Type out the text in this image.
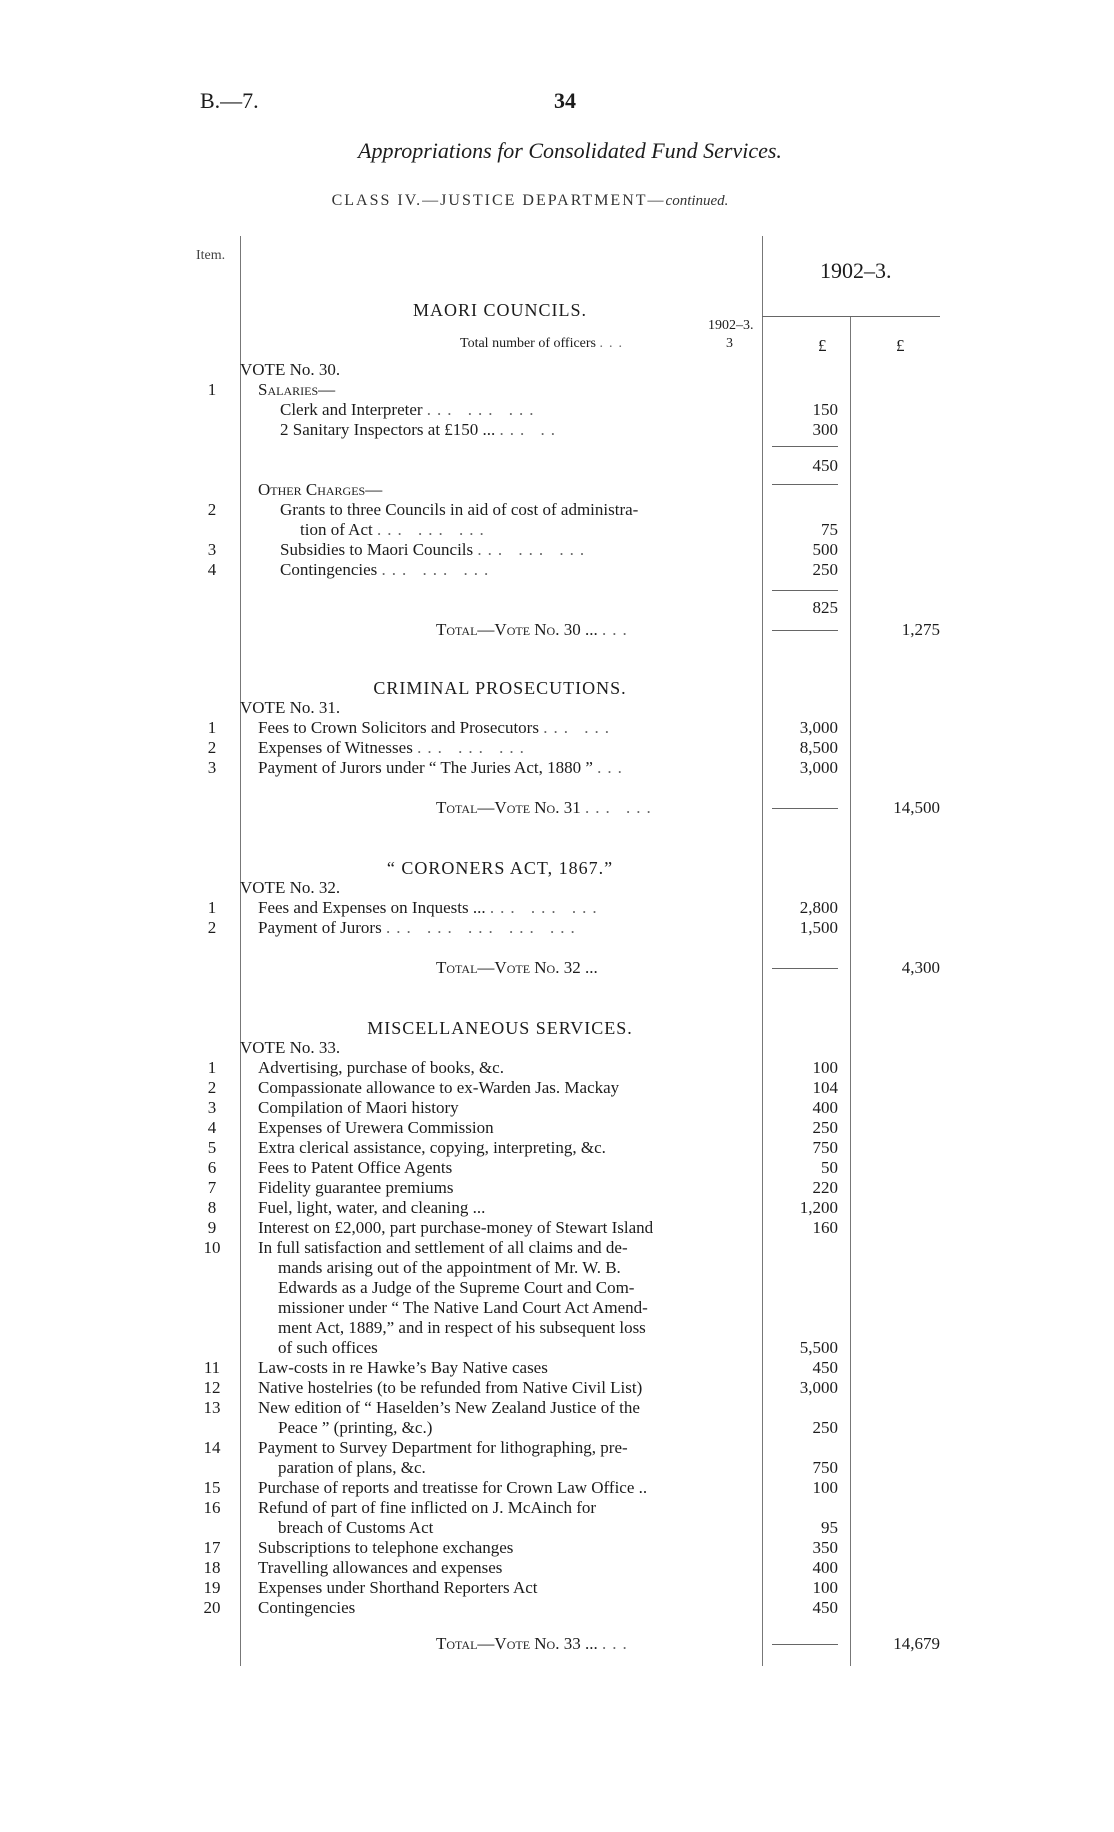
B.—7.	34
Appropriations for Consolidated Fund Services.
CLASS IV.—JUSTICE DEPARTMENT—continued.
Item.
1902–3.
MAORI COUNCILS.
1902–3.
Total number of officers ...	3	£	£
VOTE No. 30.
1	Salaries—
Clerk and Interpreter ... ... ...	150
2 Sanitary Inspectors at £150 ... ... ..	300
450
Other Charges—
2	Grants to three Councils in aid of cost of administra-
tion of Act ... ... ...	75
3	Subsidies to Maori Councils ... ... ...	500
4	Contingencies ... ... ...	250
825
Total—Vote No. 30 ... ...	1,275
CRIMINAL PROSECUTIONS.
VOTE No. 31.
1	Fees to Crown Solicitors and Prosecutors ... ...	3,000
2	Expenses of Witnesses ... ... ...	8,500
3	Payment of Jurors under “ The Juries Act, 1880 ” ...	3,000
Total—Vote No. 31 ... ...	14,500
“ CORONERS ACT, 1867.”
VOTE No. 32.
1	Fees and Expenses on Inquests ... ... ... ...	2,800
2	Payment of Jurors ... ... ... ... ...	1,500
Total—Vote No. 32 ...	4,300
MISCELLANEOUS SERVICES.
VOTE No. 33.
1	Advertising, purchase of books, &c.	100
2	Compassionate allowance to ex-Warden Jas. Mackay	104
3	Compilation of Maori history	400
4	Expenses of Urewera Commission	250
5	Extra clerical assistance, copying, interpreting, &c.	750
6	Fees to Patent Office Agents	50
7	Fidelity guarantee premiums	220
8	Fuel, light, water, and cleaning ...	1,200
9	Interest on £2,000, part purchase-money of Stewart Island	160
10	In full satisfaction and settlement of all claims and de-
mands arising out of the appointment of Mr. W. B.
Edwards as a Judge of the Supreme Court and Com-
missioner under “ The Native Land Court Act Amend-
ment Act, 1889,” and in respect of his subsequent loss
of such offices	5,500
11	Law-costs in re Hawke’s Bay Native cases	450
12	Native hostelries (to be refunded from Native Civil List)	3,000
13	New edition of “ Haselden’s New Zealand Justice of the
Peace ” (printing, &c.)	250
14	Payment to Survey Department for lithographing, pre-
paration of plans, &c.	750
15	Purchase of reports and treatisse for Crown Law Office ..	100
16	Refund of part of fine inflicted on J. McAinch for
breach of Customs Act	95
17	Subscriptions to telephone exchanges	350
18	Travelling allowances and expenses	400
19	Expenses under Shorthand Reporters Act	100
20	Contingencies	450
Total—Vote No. 33 ... ...	14,679
